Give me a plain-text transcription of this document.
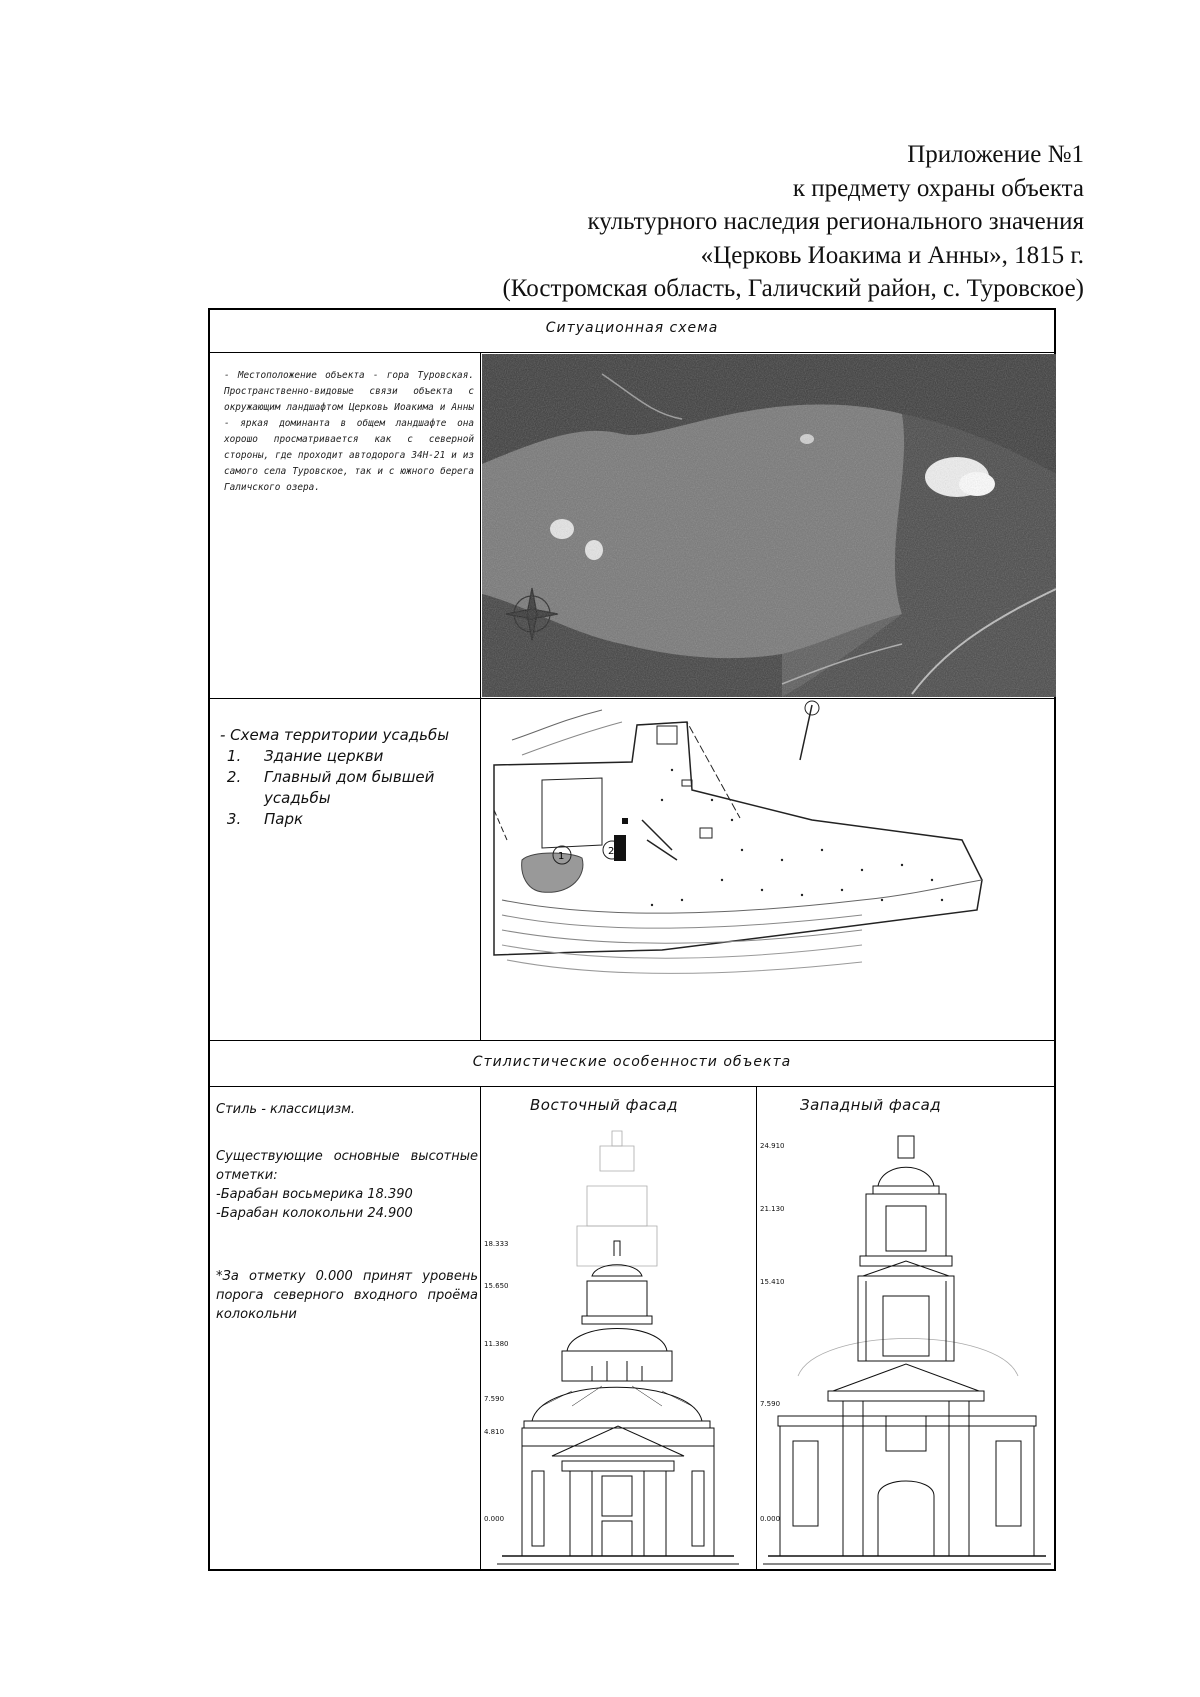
Приложение №1
к предмету охраны объекта
культурного наследия регионального значения
«Церковь Иоакима и Анны», 1815 г.
(Костромская область, Галичский район, с. Туровское)
Ситуационная схема
- Местоположение объекта - гора Туровская. Пространственно-видовые связи объекта с окружающим ландшафтом Церковь Иоакима и Анны - яркая доминанта в общем ландшафте она хорошо просматривается как с северной стороны, где проходит автодорога 34Н-21 и из самого села Туровское, так и с южного берега Галичского озера.
- Схема территории усадьбы
1. Здание церкви
2. Главный дом бывшей усадьбы
3. Парк
1	2
Стилистические особенности объекта

Стиль - классицизм.

Существующие основные высотные отметки:

-Барабан восьмерика 18.390

-Барабан колокольни 24.900

*За отметку 0.000 принят уровень порога северного входного проёма колокольни

Восточный фасад	Западный фасад
18.333
15.650
11.380
7.590
4.810
0.000
24.910
21.130
15.410
7.590
0.000
